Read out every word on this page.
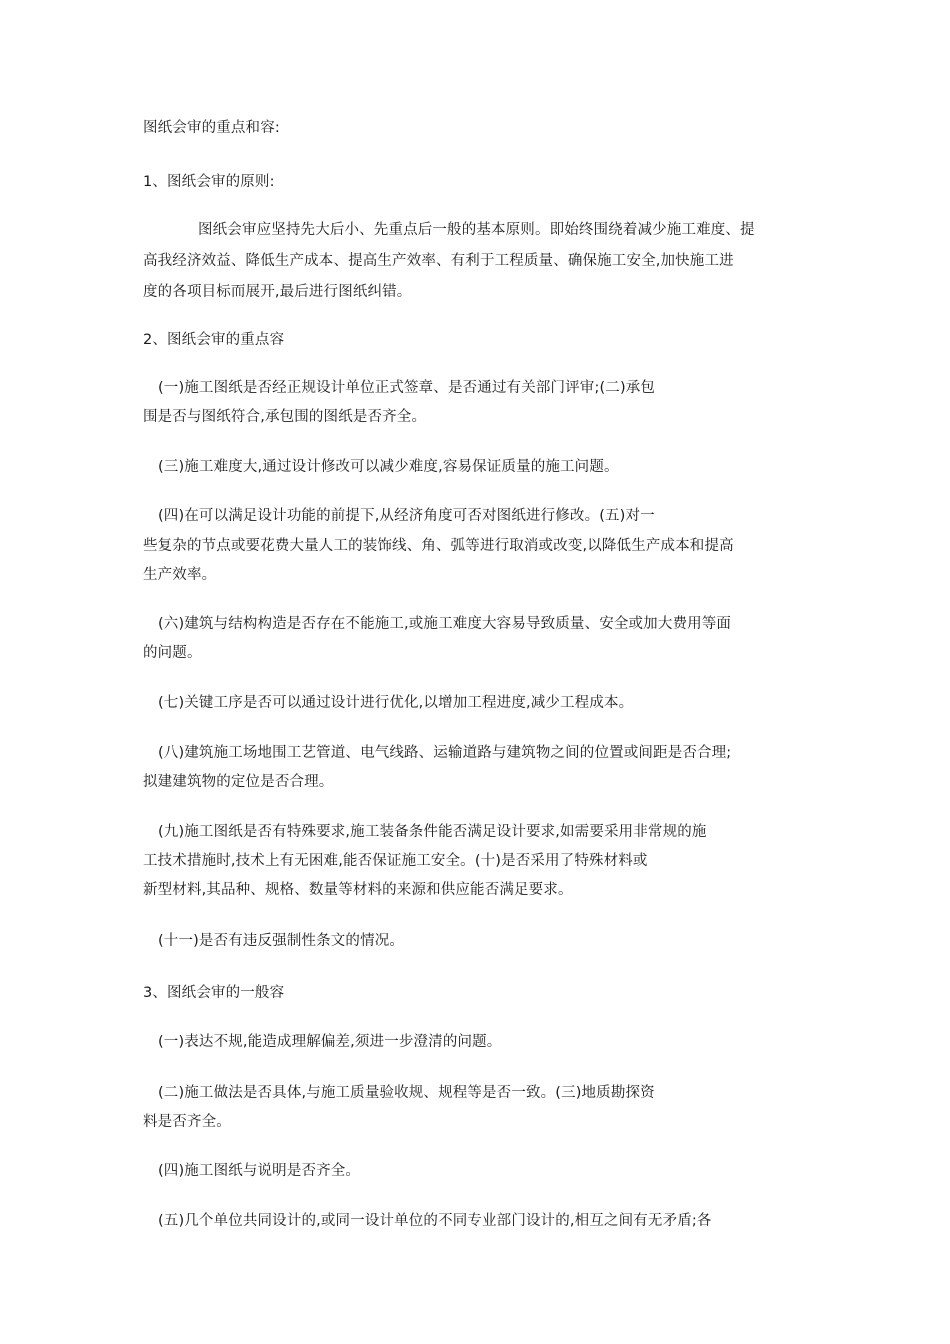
图纸会审的重点和容:
1、图纸会审的原则:
图纸会审应坚持先大后小、先重点后一般的基本原则。即始终围绕着减少施工难度、提
高我经济效益、降低生产成本、提高生产效率、有利于工程质量、确保施工安全,加快施工进
度的各项目标而展开,最后进行图纸纠错。
2、图纸会审的重点容
(一)施工图纸是否经正规设计单位正式签章、是否通过有关部门评审;(二)承包
围是否与图纸符合,承包围的图纸是否齐全。
(三)施工难度大,通过设计修改可以减少难度,容易保证质量的施工问题。
(四)在可以满足设计功能的前提下,从经济角度可否对图纸进行修改。(五)对一
些复杂的节点或要花费大量人工的装饰线、角、弧等进行取消或改变,以降低生产成本和提高
生产效率。
(六)建筑与结构构造是否存在不能施工,或施工难度大容易导致质量、安全或加大费用等面
的问题。
(七)关键工序是否可以通过设计进行优化,以增加工程进度,减少工程成本。
(八)建筑施工场地围工艺管道、电气线路、运输道路与建筑物之间的位置或间距是否合理;
拟建建筑物的定位是否合理。
(九)施工图纸是否有特殊要求,施工装备条件能否满足设计要求,如需要采用非常规的施
工技术措施时,技术上有无困难,能否保证施工安全。(十)是否采用了特殊材料或
新型材料,其品种、规格、数量等材料的来源和供应能否满足要求。
(十一)是否有违反强制性条文的情况。
3、图纸会审的一般容
(一)表达不规,能造成理解偏差,须进一步澄清的问题。
(二)施工做法是否具体,与施工质量验收规、规程等是否一致。(三)地质勘探资
料是否齐全。
(四)施工图纸与说明是否齐全。
(五)几个单位共同设计的,或同一设计单位的不同专业部门设计的,相互之间有无矛盾;各
